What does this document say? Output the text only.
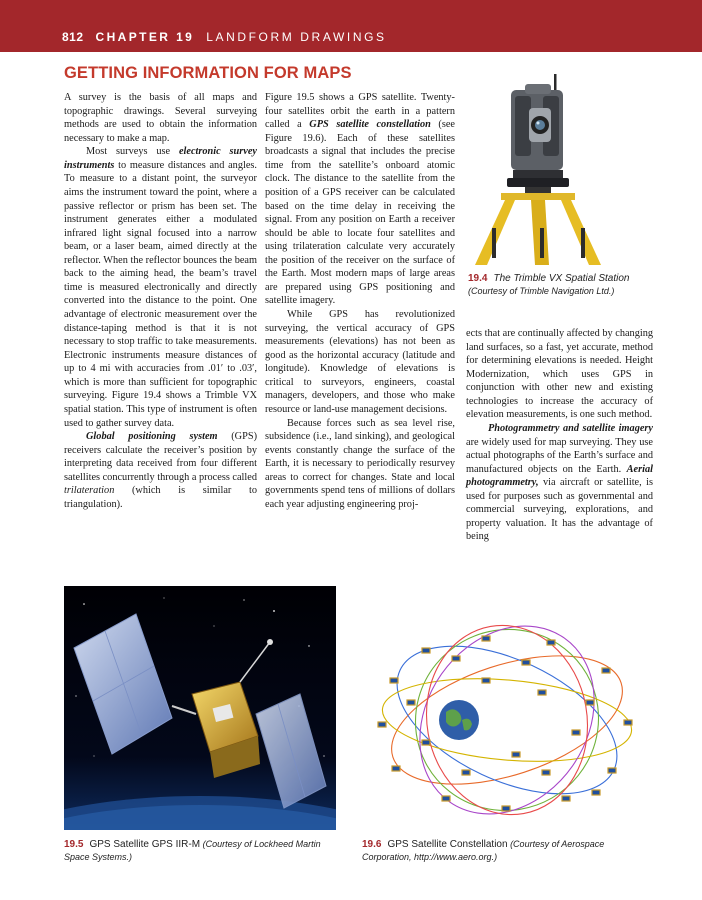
812 CHAPTER 19 LANDFORM DRAWINGS
GETTING INFORMATION FOR MAPS

A survey is the basis of all maps and topographic drawings. Several surveying methods are used to obtain the information necessary to make a map.

Most surveys use electronic survey instruments to measure distances and angles. To measure to a distant point, the surveyor aims the instrument toward the point, where a passive reflector or prism has been set. The instrument generates either a modulated infrared light signal focused into a narrow beam, or a laser beam, aimed directly at the reflector. When the reflector bounces the beam back to the aiming head, the beam’s travel time is measured electronically and directly converted into the distance to the point. One advantage of electronic measurement over the distance-taping method is that it is not necessary to stop traffic to take measurements. Electronic instruments measure distances of up to 4 mi with accuracies from .01′ to .03′, which is more than sufficient for topographic surveying. Figure 19.4 shows a Trimble VX spatial station. This type of instrument is often used to gather survey data.

Global positioning system (GPS) receivers calculate the receiver’s position by interpreting data received from four different satellites concurrently through a process called trilateration (which is similar to triangulation).

Figure 19.5 shows a GPS satellite. Twenty-four satellites orbit the earth in a pattern called a GPS satellite constellation (see Figure 19.6). Each of these satellites broadcasts a signal that includes the precise time from the satellite’s onboard atomic clock. The distance to the satellite from the position of a GPS receiver can be calculated based on the time delay in receiving the signal. From any position on Earth a receiver should be able to locate four satellites and using trilateration calculate very accurately the position of the receiver on the surface of the Earth. Most modern maps of large areas are prepared using GPS positioning and satellite imagery.

While GPS has revolutionized surveying, the vertical accuracy of GPS measurements (elevations) has not been as good as the horizontal accuracy (latitude and longitude). Knowledge of elevations is critical to surveyors, engineers, coastal managers, developers, and those who make resource or land-use management decisions.

Because forces such as sea level rise, subsidence (i.e., land sinking), and geological events constantly change the surface of the Earth, it is necessary to periodically resurvey areas to correct for changes. State and local governments spend tens of millions of dollars each year adjusting engineering proj-

ects that are continually affected by changing land surfaces, so a fast, yet accurate, method for determining elevations is needed. Height Modernization, which uses GPS in conjunction with other new and existing technologies to increase the accuracy of elevation measurements, is one such method.

Photogrammetry and satellite imagery are widely used for map surveying. They use actual photographs of the Earth’s surface and manufactured objects on the Earth. Aerial photogrammetry, via aircraft or satellite, is used for purposes such as governmental and commercial surveying, explorations, and property valuation. It has the advantage of being

19.4 The Trimble VX Spatial Station
(Courtesy of Trimble Navigation Ltd.)
19.5 GPS Satellite GPS IIR-M (Courtesy of Lockheed Martin Space Systems.)
19.6 GPS Satellite Constellation (Courtesy of Aerospace Corporation, http://www.aero.org.)
